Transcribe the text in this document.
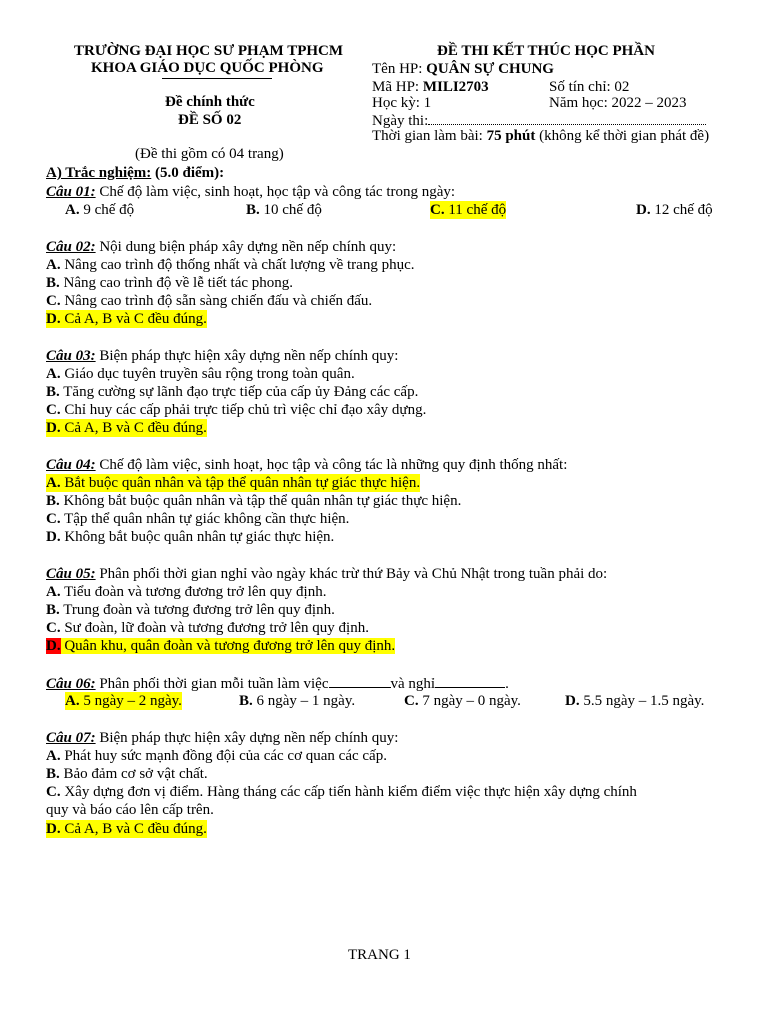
TRƯỜNG ĐẠI HỌC SƯ PHẠM TPHCM
KHOA GIÁO DỤC QUỐC PHÒNG
Đề chính thức
ĐỀ SỐ 02
(Đề thi gồm có 04 trang)
ĐỀ THI KẾT THÚC HỌC PHẦN
Tên HP: QUÂN SỰ CHUNG
Mã HP: MILI2703	Số tín chỉ: 02
Học kỳ: 1	Năm học: 2022 – 2023
Ngày thi:
Thời gian làm bài: 75 phút (không kể thời gian phát đề)
A) Trắc nghiệm: (5.0 điểm):
Câu 01: Chế độ làm việc, sinh hoạt, học tập và công tác trong ngày:
A. 9 chế độ	B. 10 chế độ	C. 11 chế độ	D. 12 chế độ
Câu 02: Nội dung biện pháp xây dựng nền nếp chính quy:
A. Nâng cao trình độ thống nhất và chất lượng về trang phục.
B. Nâng cao trình độ về lễ tiết tác phong.
C. Nâng cao trình độ sẵn sàng chiến đấu và chiến đấu.
D. Cả A, B và C đều đúng.
Câu 03: Biện pháp thực hiện xây dựng nền nếp chính quy:
A. Giáo dục tuyên truyền sâu rộng trong toàn quân.
B. Tăng cường sự lãnh đạo trực tiếp của cấp ủy Đảng các cấp.
C. Chỉ huy các cấp phải trực tiếp chủ trì việc chỉ đạo xây dựng.
D. Cả A, B và C đều đúng.
Câu 04: Chế độ làm việc, sinh hoạt, học tập và công tác là những quy định thống nhất:
A. Bắt buộc quân nhân và tập thể quân nhân tự giác thực hiện.
B. Không bắt buộc quân nhân và tập thể quân nhân tự giác thực hiện.
C. Tập thể quân nhân tự giác không cần thực hiện.
D. Không bắt buộc quân nhân tự giác thực hiện.
Câu 05: Phân phối thời gian nghỉ vào ngày khác trừ thứ Bảy và Chủ Nhật trong tuần phải do:
A. Tiểu đoàn và tương đương trở lên quy định.
B. Trung đoàn và tương đương trở lên quy định.
C. Sư đoàn, lữ đoàn và tương đương trở lên quy định.
D. Quân khu, quân đoàn và tương đương trở lên quy định.
Câu 06: Phân phối thời gian mỗi tuần làm việc	và nghỉ	.
A. 5 ngày – 2 ngày.	B. 6 ngày – 1 ngày.	C. 7 ngày – 0 ngày.	D. 5.5 ngày – 1.5 ngày.
Câu 07: Biện pháp thực hiện xây dựng nền nếp chính quy:
A. Phát huy sức mạnh đồng đội của các cơ quan các cấp.
B. Bảo đảm cơ sở vật chất.
C. Xây dựng đơn vị điểm. Hàng tháng các cấp tiến hành kiểm điểm việc thực hiện xây dựng chính
quy và báo cáo lên cấp trên.
D. Cả A, B và C đều đúng.
TRANG 1
